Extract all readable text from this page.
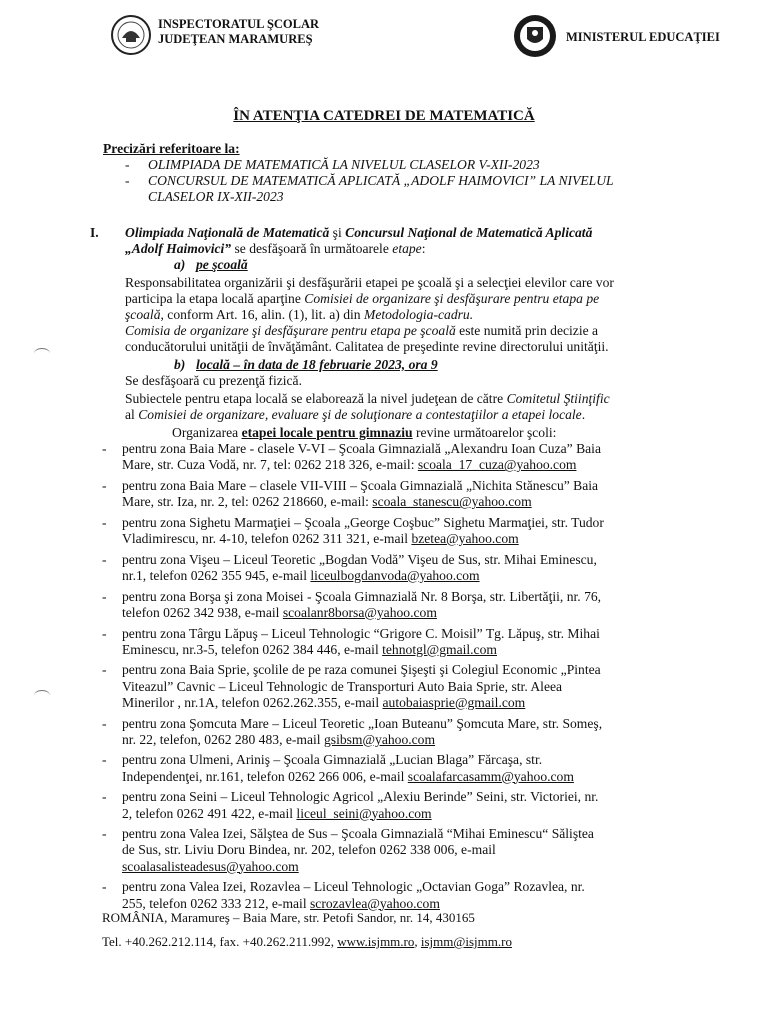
INSPECTORATUL ŞCOLAR
JUDEŢEAN MARAMUREŞ	MINISTERUL EDUCAŢIEI
ÎN ATENŢIA CATEDREI DE MATEMATICĂ
Precizări referitoare la:
- OLIMPIADA DE MATEMATICĂ LA NIVELUL CLASELOR V-XII-2023
- CONCURSUL DE MATEMATICĂ APLICATĂ „ADOLF HAIMOVICI” LA NIVELUL
CLASELOR IX-XII-2023
I. Olimpiada Naţională de Matematică şi Concursul Naţional de Matematică Aplicată
„Adolf Haimovici” se desfăşoară în următoarele etape:
a) pe şcoală
Responsabilitatea organizării şi desfăşurării etapei pe şcoală şi a selecţiei elevilor care vor
participa la etapa locală aparţine Comisiei de organizare şi desfăşurare pentru etapa pe
şcoală, conform Art. 16, alin. (1), lit. a) din Metodologia-cadru.
Comisia de organizare şi desfăşurare pentru etapa pe şcoală este numită prin decizie a
conducătorului unităţii de învăţământ. Calitatea de preşedinte revine directorului unităţii.
b) locală – în data de 18 februarie 2023, ora 9
Se desfăşoară cu prezenţă fizică.
Subiectele pentru etapa locală se elaborează la nivel judeţean de către Comitetul Ştiinţific
al Comisiei de organizare, evaluare şi de soluţionare a contestaţiilor a etapei locale.
Organizarea etapei locale pentru gimnaziu revine următoarelor şcoli:
- pentru zona Baia Mare - clasele V-VI – Şcoala Gimnazială „Alexandru Ioan Cuza” Baia
Mare, str. Cuza Vodă, nr. 7, tel: 0262 218 326, e-mail: scoala_17_cuza@yahoo.com
- pentru zona Baia Mare – clasele VII-VIII – Şcoala Gimnazială „Nichita Stănescu” Baia
Mare, str. Iza, nr. 2, tel: 0262 218660, e-mail: scoala_stanescu@yahoo.com
- pentru zona Sighetu Marmaţiei – Şcoala „George Coşbuc” Sighetu Marmaţiei, str. Tudor
Vladimirescu, nr. 4-10, telefon 0262 311 321, e-mail bzetea@yahoo.com
- pentru zona Vişeu – Liceul Teoretic „Bogdan Vodă” Vişeu de Sus, str. Mihai Eminescu,
nr.1, telefon 0262 355 945, e-mail liceulbogdanvoda@yahoo.com
- pentru zona Borşa şi zona Moisei - Şcoala Gimnazială Nr. 8 Borşa, str. Libertăţii, nr. 76,
telefon 0262 342 938, e-mail scoalanr8borsa@yahoo.com
- pentru zona Târgu Lăpuş – Liceul Tehnologic “Grigore C. Moisil” Tg. Lăpuş, str. Mihai
Eminescu, nr.3-5, telefon 0262 384 446, e-mail tehnotgl@gmail.com
- pentru zona Baia Sprie, şcolile de pe raza comunei Şişeşti şi Colegiul Economic „Pintea
Viteazul” Cavnic – Liceul Tehnologic de Transporturi Auto Baia Sprie, str. Aleea
Minerilor , nr.1A, telefon 0262.262.355, e-mail autobaiasprie@gmail.com
- pentru zona Şomcuta Mare – Liceul Teoretic „Ioan Buteanu” Şomcuta Mare, str. Someş,
nr. 22, telefon, 0262 280 483, e-mail gsibsm@yahoo.com
- pentru zona Ulmeni, Ariniş – Şcoala Gimnazială „Lucian Blaga” Fărcaşa, str.
Independenţei, nr.161, telefon 0262 266 006, e-mail scoalafarcasamm@yahoo.com
- pentru zona Seini – Liceul Tehnologic Agricol „Alexiu Berinde” Seini, str. Victoriei, nr.
2, telefon 0262 491 422, e-mail liceul_seini@yahoo.com
- pentru zona Valea Izei, Sălştea de Sus – Şcoala Gimnazială “Mihai Eminescu“ Săliştea
de Sus, str. Liviu Doru Bindea, nr. 202, telefon 0262 338 006, e-mail
scoalasalisteadesus@yahoo.com
- pentru zona Valea Izei, Rozavlea – Liceul Tehnologic „Octavian Goga” Rozavlea, nr.
255, telefon 0262 333 212, e-mail scrozavlea@yahoo.com
ROMÂNIA, Maramureş – Baia Mare, str. Petofi Sandor, nr. 14, 430165
Tel. +40.262.212.114, fax. +40.262.211.992, www.isjmm.ro, isjmm@isjmm.ro
